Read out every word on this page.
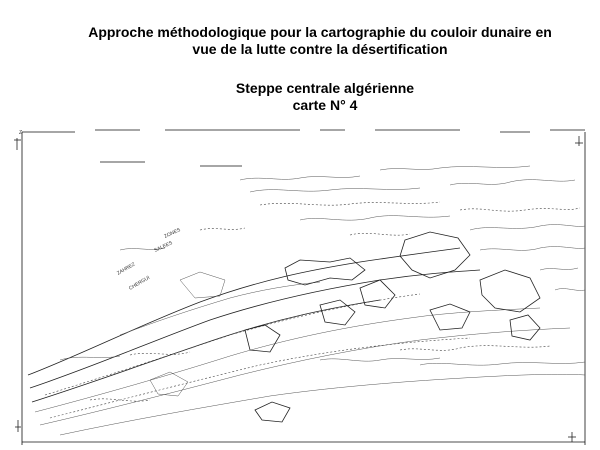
Approche méthodologique pour la cartographie du couloir dunaire en
vue de la lutte contre la désertification
Steppe centrale algérienne
carte N° 4
Z
ZONES
SALEES
ZAHREZ
CHERGUI
